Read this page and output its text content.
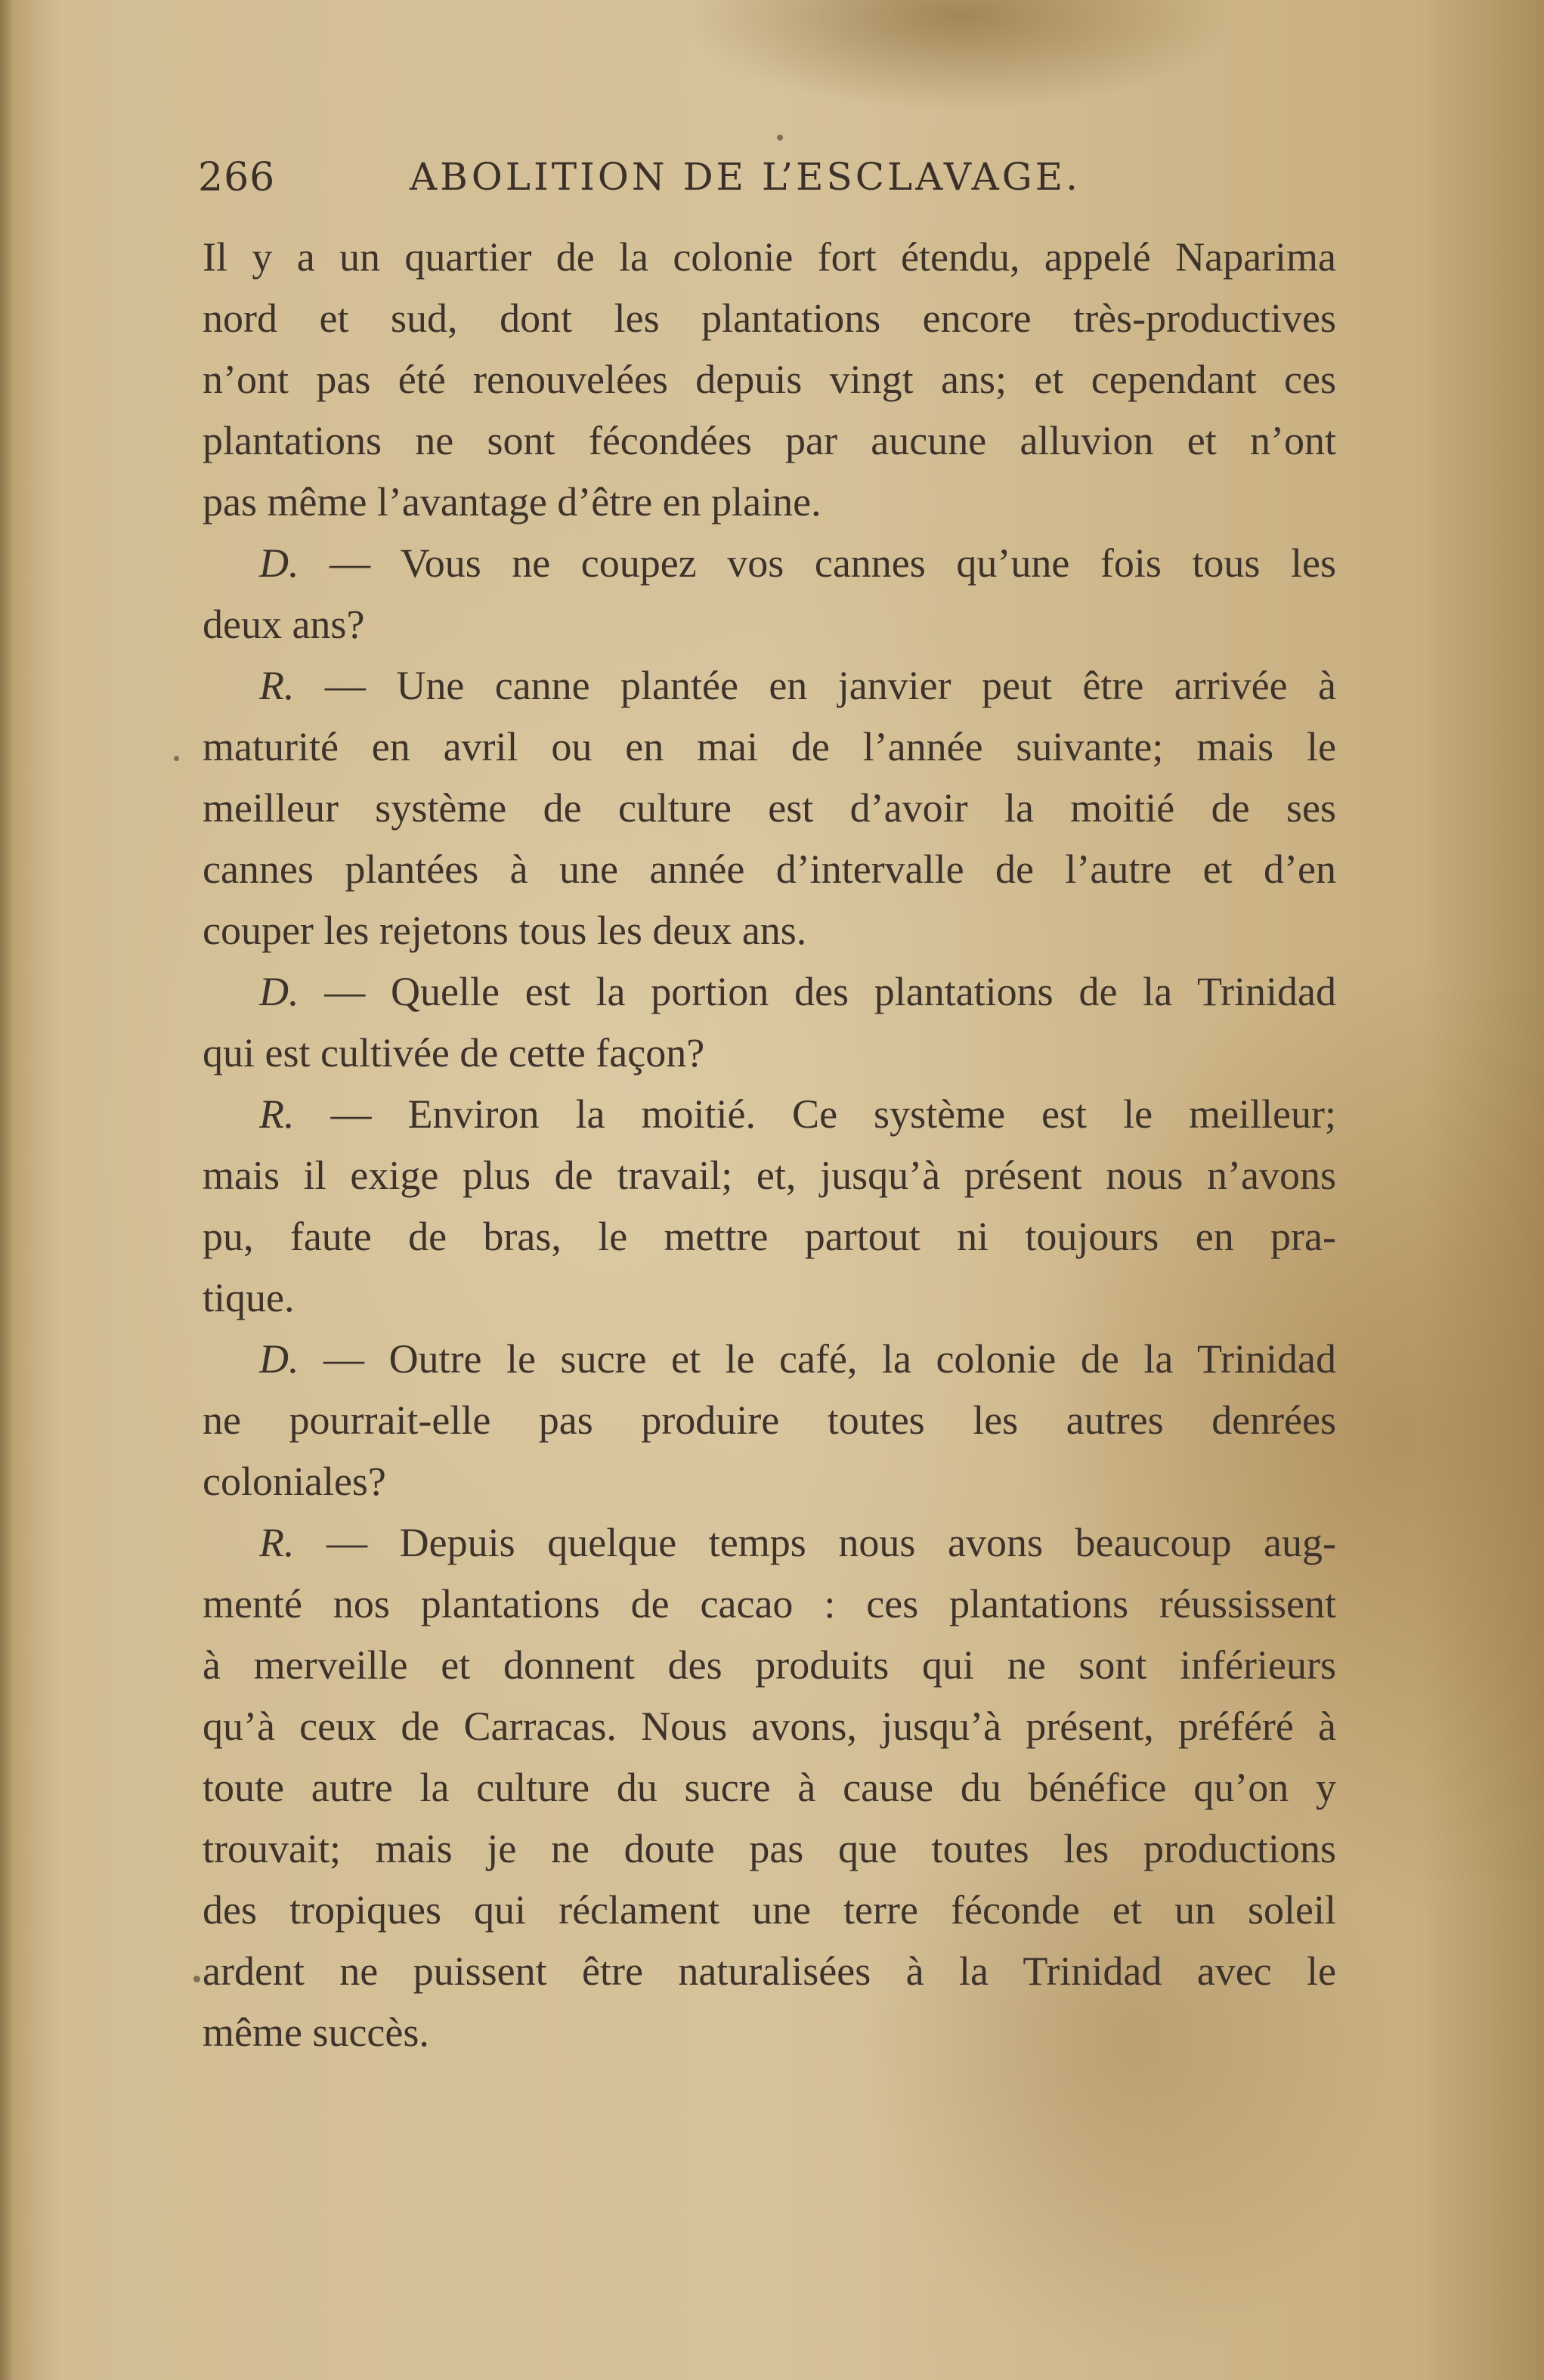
266	ABOLITION DE L’ESCLAVAGE.
Il y a un quartier de la colonie fort étendu, appelé Naparima
nord et sud, dont les plantations encore très-productives
n’ont pas été renouvelées depuis vingt ans; et cependant ces
plantations ne sont fécondées par aucune alluvion et n’ont
pas même l’avantage d’être en plaine.
D. — Vous ne coupez vos cannes qu’une fois tous les
deux ans?
R. — Une canne plantée en janvier peut être arrivée à
maturité en avril ou en mai de l’année suivante; mais le
meilleur système de culture est d’avoir la moitié de ses
cannes plantées à une année d’intervalle de l’autre et d’en
couper les rejetons tous les deux ans.
D. — Quelle est la portion des plantations de la Trinidad
qui est cultivée de cette façon?
R. — Environ la moitié. Ce système est le meilleur;
mais il exige plus de travail; et, jusqu’à présent nous n’avons
pu, faute de bras, le mettre partout ni toujours en pra-
tique.
D. — Outre le sucre et le café, la colonie de la Trinidad
ne pourrait-elle pas produire toutes les autres denrées
coloniales?
R. — Depuis quelque temps nous avons beaucoup aug-
menté nos plantations de cacao : ces plantations réussissent
à merveille et donnent des produits qui ne sont inférieurs
qu’à ceux de Carracas. Nous avons, jusqu’à présent, préféré à
toute autre la culture du sucre à cause du bénéfice qu’on y
trouvait; mais je ne doute pas que toutes les productions
des tropiques qui réclament une terre féconde et un soleil
ardent ne puissent être naturalisées à la Trinidad avec le
même succès.
